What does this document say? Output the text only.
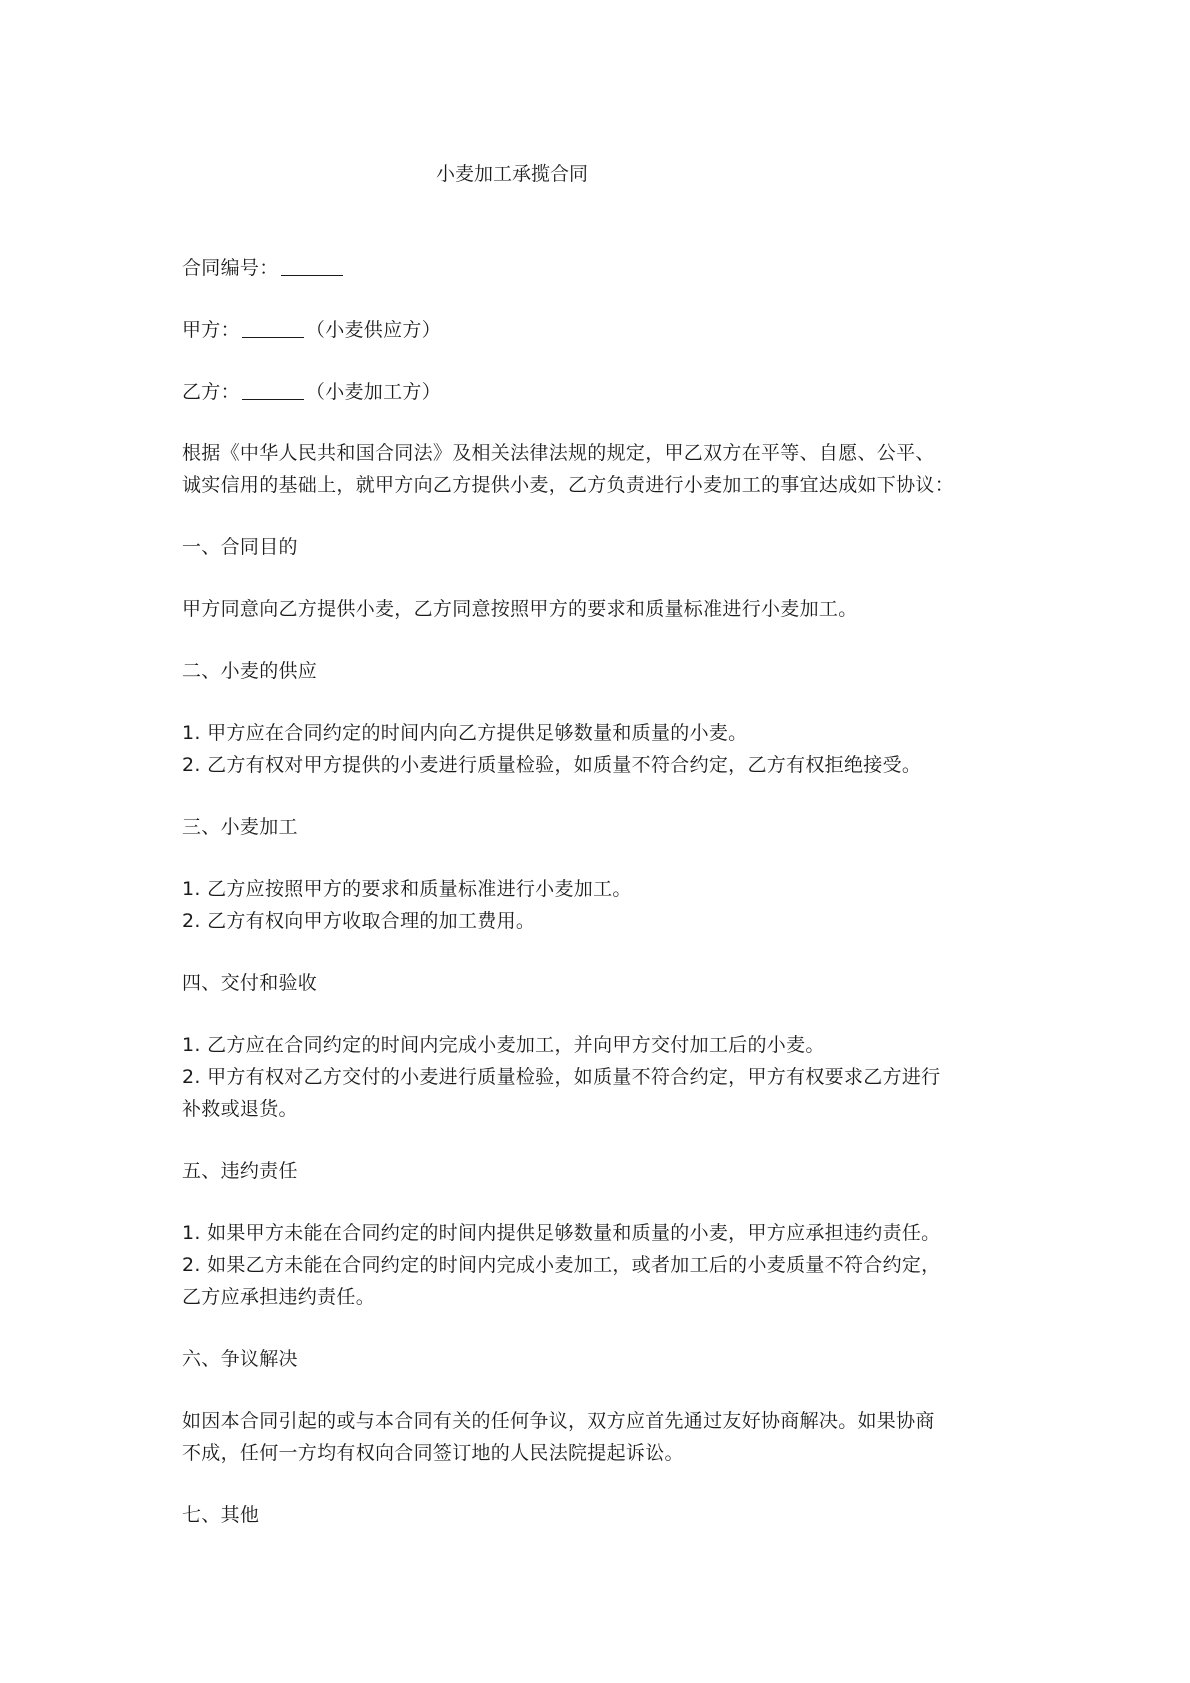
小麦加工承揽合同
合同编号：
甲方：	（小麦供应方）
乙方：	（小麦加工方）
根据《中华人民共和国合同法》及相关法律法规的规定，甲乙双方在平等、自愿、公平、
诚实信用的基础上，就甲方向乙方提供小麦，乙方负责进行小麦加工的事宜达成如下协议：
一、合同目的
甲方同意向乙方提供小麦，乙方同意按照甲方的要求和质量标准进行小麦加工。
二、小麦的供应
1. 甲方应在合同约定的时间内向乙方提供足够数量和质量的小麦。
2. 乙方有权对甲方提供的小麦进行质量检验，如质量不符合约定，乙方有权拒绝接受。
三、小麦加工
1. 乙方应按照甲方的要求和质量标准进行小麦加工。
2. 乙方有权向甲方收取合理的加工费用。
四、交付和验收
1. 乙方应在合同约定的时间内完成小麦加工，并向甲方交付加工后的小麦。
2. 甲方有权对乙方交付的小麦进行质量检验，如质量不符合约定，甲方有权要求乙方进行
补救或退货。
五、违约责任
1. 如果甲方未能在合同约定的时间内提供足够数量和质量的小麦，甲方应承担违约责任。
2. 如果乙方未能在合同约定的时间内完成小麦加工，或者加工后的小麦质量不符合约定，
乙方应承担违约责任。
六、争议解决
如因本合同引起的或与本合同有关的任何争议，双方应首先通过友好协商解决。如果协商
不成，任何一方均有权向合同签订地的人民法院提起诉讼。
七、其他
